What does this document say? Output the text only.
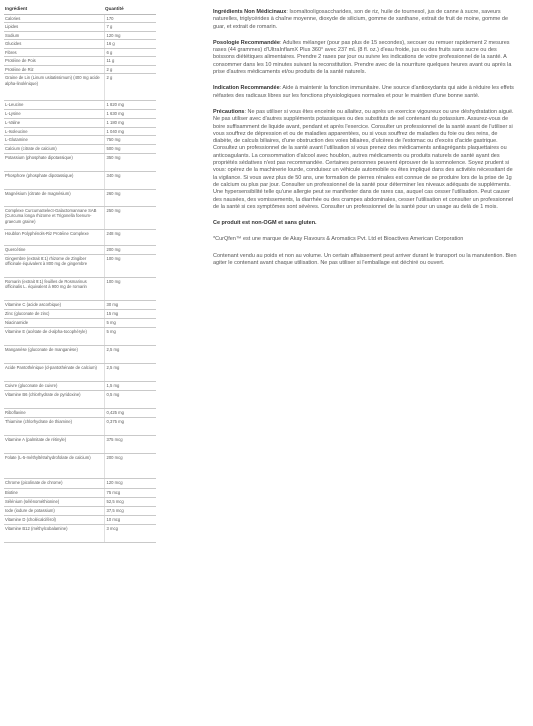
Ingrédient	Quantité
Calories	170
Lipides	7 g
Sodium	120 mg
Glucides	16 g
Fibres	6 g
Protéine de Pois	11 g
Protéine de Riz	2 g
Graine de Lin (Linum usitatissimum) (400 mg acide alpha-linolénique)	2 g
L-Leucine	1 820 mg
L-Lysine	1 630 mg
L-Valine	1 180 mg
L-Isoleucine	1 040 mg
L-Glutamine	750 mg
Calcium (citrate de calcium)	500 mg
Potassium (phosphate dipotassique)	350 mg
Phosphore (phosphate dipotassique)	340 mg
Magnésium (citrate de magnésium)	260 mg
Complexe CurcumaSelect-Galactomannane SAB (Curcuma longa rhizome et Trigonella foenum-graecum graine)	250 mg
Houblon Polyphénols-Riz Protéine Complexe	248 mg
Quercétine	200 mg
Gingembre (extrait 8:1) rhizome de Zingiber officinale équivalent à 800 mg de gingembre	100 mg
Romarin (extrait 9:1) feuilles de Rosmarinus officinalis L. équivalent à 900 mg de romarin	100 mg
Vitamine C (acide ascorbique)	30 mg
Zinc (gluconate de zinc)	15 mg
Niacinamide	5 mg
Vitamine E (acétate de d-alpha-tocophéryle)	5 mg
Manganèse (gluconate de manganèse)	2,5 mg
Acide Pantothénique (d-pantothénate de calcium)	2,5 mg
Cuivre (gluconate de cuivre)	1,5 mg
Vitamine B6 (chlorhydrate de pyridoxine)	0,5 mg
Riboflavine	0,425 mg
Thiamine (chlorhydrate de thiamine)	0,375 mg
Vitamine A (palmitate de rétinyle)	375 mcg
Folate (L-5-méthyltétrahydrofolate de calcium)	200 mcg
Chrome (picolinate de chrome)	120 mcg
Biotine	75 mcg
Sélénium (sélénométhionine)	52,5 mcg
Iode (iodure de potassium)	37,5 mcg
Vitamine D (cholécalciférol)	10 mcg
Vitamine B12 (méthylcobalamine)	3 mcg

Ingrédients Non Médicinaux: Isomaltooligosaccharides, son de riz, huile de tournesol, jus de canne à sucre, saveurs naturelles, triglycérides à chaîne moyenne, dioxyde de silicium, gomme de xanthane, extrait de fruit de moine, gomme de guar, et extrait de romarin.

Posologie Recommandée: Adultes mélanger (pour pas plus de 15 secondes), secouer ou remuer rapidement 2 mesures rases (44 grammes) d'UltraInflamX Plus 360° avec 237 mL (8 fl. oz.) d'eau froide, jus ou des fruits sans sucre ou des boissons diététiques alimentaires. Prendre 2 rases par jour ou suivre les indications de votre professionnel de la santé. A consommer dans les 10 minutes suivant la reconstitution. Prendre avec de la nourriture quelques heures avant ou après la prise d'autres médicaments et/ou produits de la santé naturels.

Indication Recommandée: Aide à maintenir la fonction immunitaire. Une source d'antioxydants qui aide à réduire les effets néfastes des radicaux libres sur les fonctions physiologiques normales et pour le maintien d'une bonne santé.

Précautions: Ne pas utiliser si vous êtes enceinte ou allaitez, ou après un exercice vigoureux ou une déshydratation aiguë. Ne pas utiliser avec d'autres suppléments potassiques ou des substituts de sel contenant du potassium. Assurez-vous de boire suffisamment de liquide avant, pendant et après l'exercice. Consulter un professionnel de la santé avant de l'utiliser si vous souffrez de dépression et ou de maladies apparentées, ou si vous souffrez de maladies du foie ou des reins, de diabète, de calculs biliaires, d'une obstruction des voies biliaires, d'ulcères de l'estomac ou d'excès d'acide gastrique. Consultez un professionnel de la santé avant l'utilisation si vous prenez des médicaments antiagrégants plaquettaires ou anticoagulants. La consommation d'alcool avec houblon, autres médicaments ou produits naturels de santé ayant des propriétés sédatives n'est pas recommandée. Certaines personnes peuvent éprouver de la somnolence. Soyez prudent si vous: opérez de la machinerie lourde, conduisez un véhicule automobile ou êtes impliqué dans des activités nécessitant de la vigilance. Si vous avez plus de 50 ans, une formation de pierres rénales est connue de se produire lors de la prise de 1g de calcium ou plus par jour. Consulter un professionnel de la santé pour déterminer les niveaux adéquats de suppléments. Une hypersensibilité telle qu'une allergie peut se manifester dans de rares cas, auquel cas cesser l'utilisation. Peut causer des nausées, des vomissements, la diarrhée ou des crampes abdominales, cesser l'utilisation et consulter un professionnel de la santé si ces symptômes sont sévères. Consulter un professionnel de la santé pour un usage au delà de 1 mois.

Ce produit est non-OGM et sans gluten.

*CurQfen™ est une marque de Akay Flavours & Aromatics Pvt. Ltd et Bioactives American Corporation

Contenant vendu au poids et non au volume. Un certain affaissement peut arriver durant le transport ou la manutention. Bien agiter le contenant avant chaque utilisation. Ne pas utiliser si l'emballage est déchiré ou ouvert.
